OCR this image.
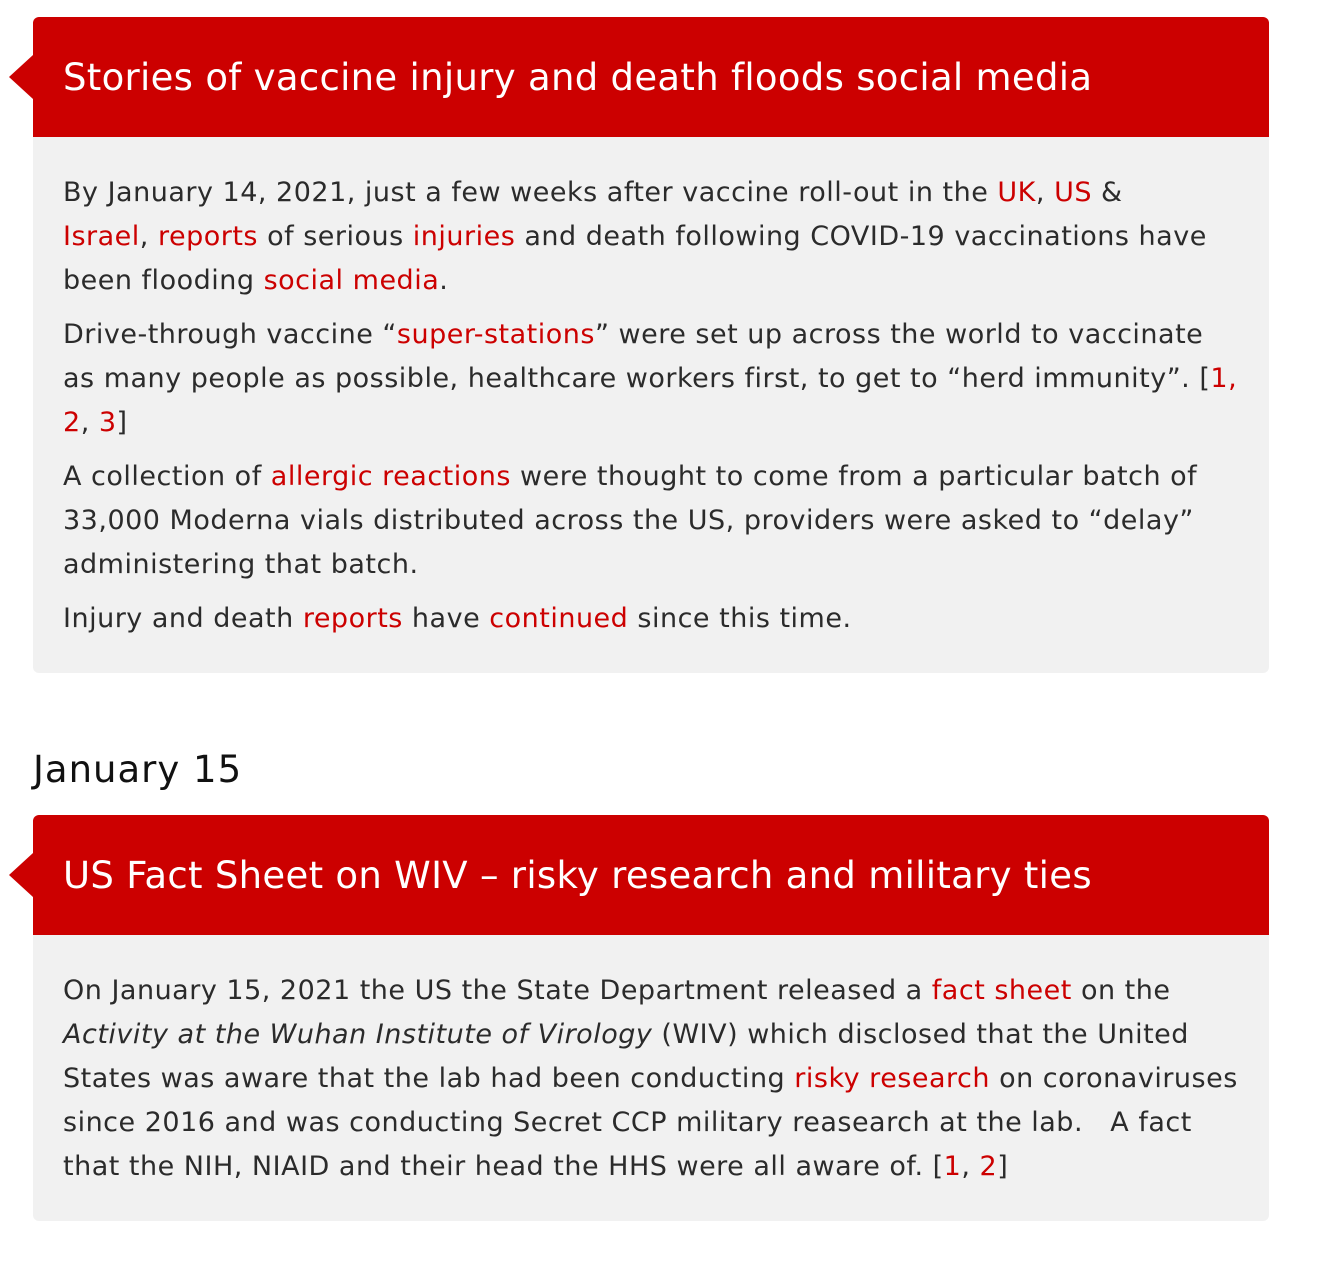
Stories of vaccine injury and death floods social media

By January 14, 2021, just a few weeks after vaccine roll-out in the UK, US &
Israel, reports of serious injuries and death following COVID-19 vaccinations have been flooding social media.

Drive-through vaccine “super-stations” were set up across the world to vaccinate as many people as possible, healthcare workers first, to get to “herd immunity”. [1, 2, 3]

A collection of allergic reactions were thought to come from a particular batch of 33,000 Moderna vials distributed across the US, providers were asked to “delay” administering that batch.

Injury and death reports have continued since this time.

January 15
US Fact Sheet on WIV – risky research and military ties

On January 15, 2021 the US the State Department released a fact sheet on the Activity at the Wuhan Institute of Virology (WIV) which disclosed that the United States was aware that the lab had been conducting risky research on coronaviruses since 2016 and was conducting Secret CCP military reasearch at the lab.   A fact that the NIH, NIAID and their head the HHS were all aware of. [1, 2]
